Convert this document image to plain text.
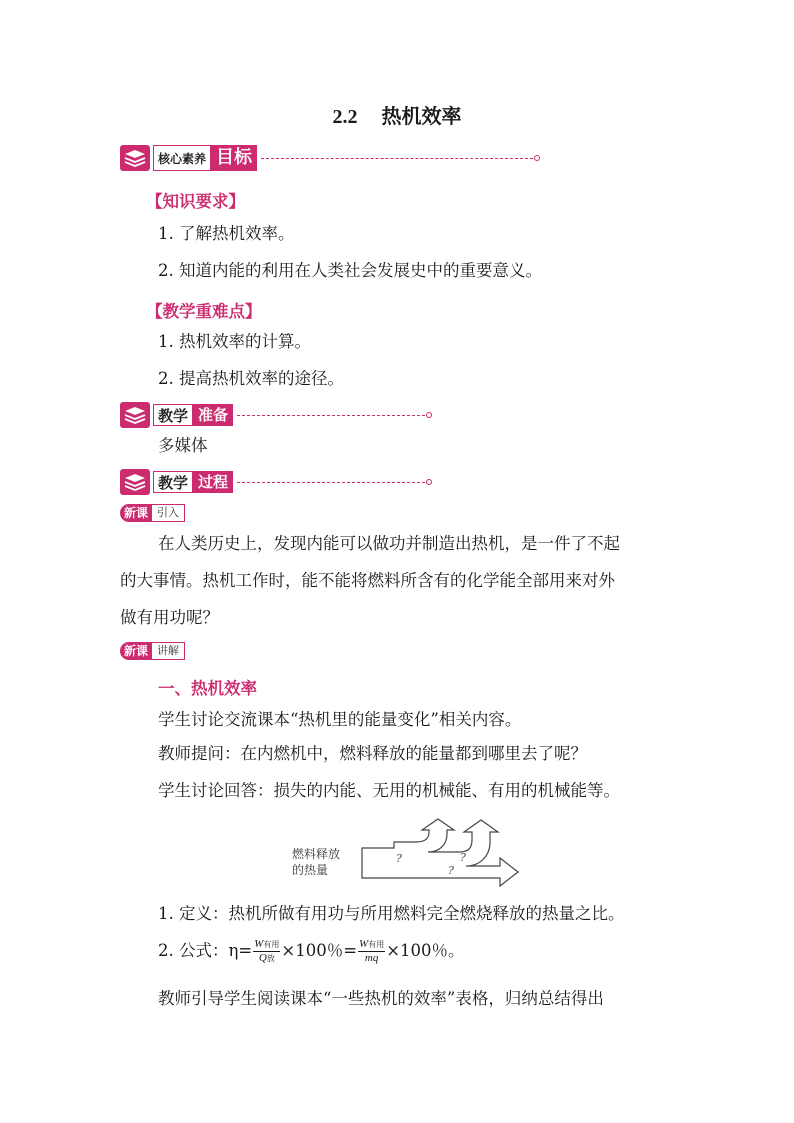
2.2 热机效率
核心素养 目标
【知识要求】
1. 了解热机效率。
2. 知道内能的利用在人类社会发展史中的重要意义。
【教学重难点】
1. 热机效率的计算。
2. 提高热机效率的途径。
教学 准备
多媒体
教学 过程
新课 引入
在人类历史上，发现内能可以做功并制造出热机，是一件了不起
的大事情。热机工作时，能不能将燃料所含有的化学能全部用来对外
做有用功呢？
新课 讲解
一、热机效率
学生讨论交流课本“热机里的能量变化”相关内容。
教师提问：在内燃机中，燃料释放的能量都到哪里去了呢？
学生讨论回答：损失的内能、无用的机械能、有用的机械能等。
燃料释放
的热量
?	?
?
1. 定义：热机所做有用功与所用燃料完全燃烧释放的热量之比。
2. 公式：$\eta= \frac{\text{W有用}}{\text{Q放}} \times 100$％= $\frac{\text{W有用}}{mq} \times 100$％。
教师引导学生阅读课本“一些热机的效率”表格，归纳总结得出
